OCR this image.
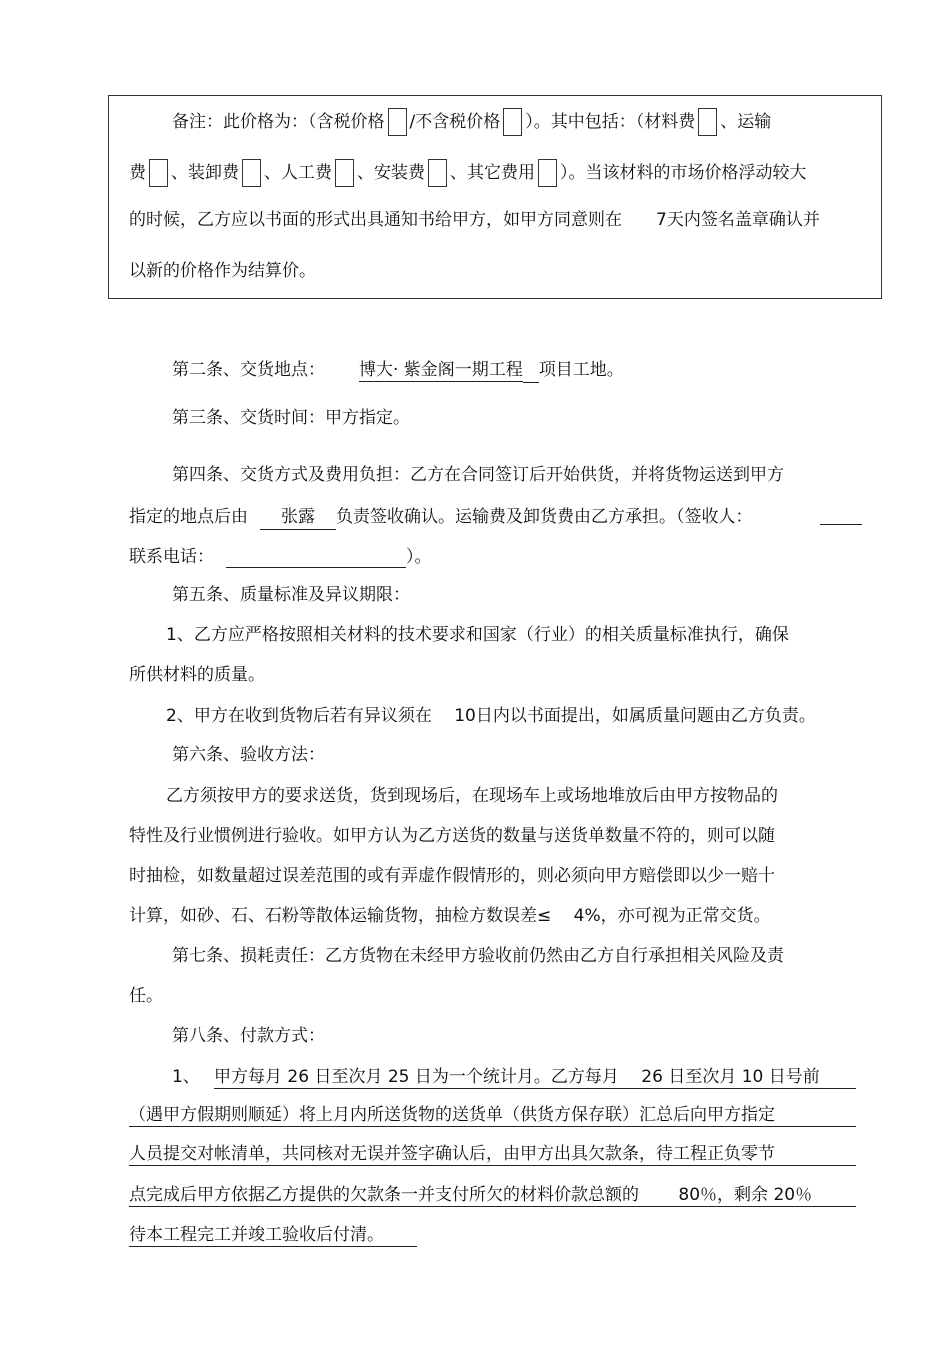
备注：此价格为：（含税价格 /不含税价格 ）。其中包括：（材料费 、运输
费 、装卸费 、人工费 、安装费 、其它费用 ）。当该材料的市场价格浮动较大
的时候，乙方应以书面的形式出具通知书给甲方，如甲方同意则在　　7天内签名盖章确认并
以新的价格作为结算价。
第二条、交货地点： 博大· 紫金阁一期工程 项目工地。
第三条、交货时间：甲方指定。
第四条、交货方式及费用负担：乙方在合同签订后开始供货，并将货物运送到甲方
指定的地点后由 张露 负责签收确认。运输费及卸货费由乙方承担。（签收人：
联系电话：	）。
第五条、质量标准及异议期限：
1、乙方应严格按照相关材料的技术要求和国家（行业）的相关质量标准执行，确保
所供材料的质量。
2、甲方在收到货物后若有异议须在　 10日内以书面提出，如属质量问题由乙方负责。
第六条、验收方法：
乙方须按甲方的要求送货，货到现场后，在现场车上或场地堆放后由甲方按物品的
特性及行业惯例进行验收。如甲方认为乙方送货的数量与送货单数量不符的，则可以随
时抽检，如数量超过误差范围的或有弄虚作假情形的，则必须向甲方赔偿即以少一赔十
计算，如砂、石、石粉等散体运输货物，抽检方数误差≤　 4%，亦可视为正常交货。
第七条、损耗责任：乙方货物在未经甲方验收前仍然由乙方自行承担相关风险及责
任。
第八条、付款方式：
1、 甲方每月 26 日至次月 25 日为一个统计月。乙方每月　 26 日至次月 10 日号前
（遇甲方假期则顺延）将上月内所送货物的送货单（供货方保存联）汇总后向甲方指定
人员提交对帐清单，共同核对无误并签字确认后，由甲方出具欠款条，待工程正负零节
点完成后甲方依据乙方提供的欠款条一并支付所欠的材料价款总额的　　 80％，剩余 20％
待本工程完工并竣工验收后付清。
